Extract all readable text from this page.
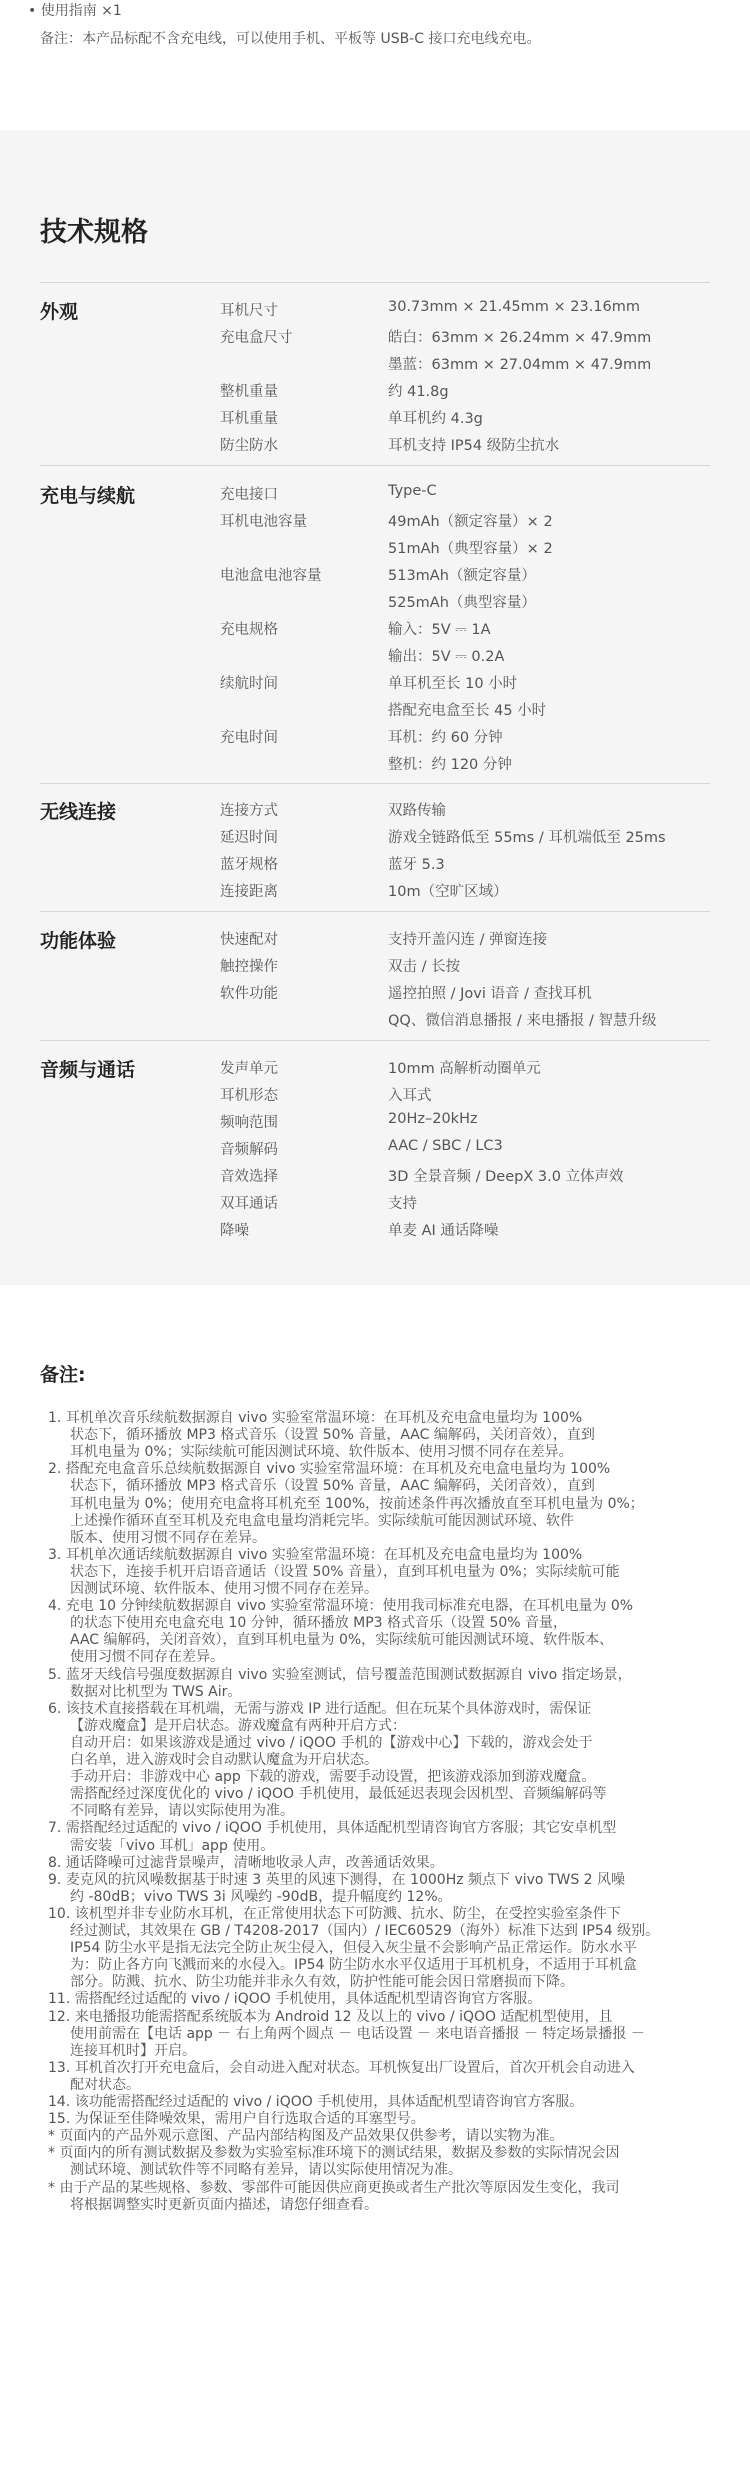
• 使用指南 ×1
备注：本产品标配不含充电线，可以使用手机、平板等 USB-C 接口充电线充电。
技术规格
外观	耳机尺寸	30.73mm × 21.45mm × 23.16mm
充电盒尺寸	皓白：63mm × 26.24mm × 47.9mm
墨蓝：63mm × 27.04mm × 47.9mm
整机重量	约 41.8g
耳机重量	单耳机约 4.3g
防尘防水	耳机支持 IP54 级防尘抗水
充电与续航	充电接口	Type-C
耳机电池容量	49mAh（额定容量）× 2
51mAh（典型容量）× 2
电池盒电池容量	513mAh（额定容量）
525mAh（典型容量）
充电规格	输入：5V ⎓ 1A
输出：5V ⎓ 0.2A
续航时间	单耳机至长 10 小时
搭配充电盒至长 45 小时
充电时间	耳机：约 60 分钟
整机：约 120 分钟
无线连接	连接方式	双路传输
延迟时间	游戏全链路低至 55ms / 耳机端低至 25ms
蓝牙规格	蓝牙 5.3
连接距离	10m（空旷区域）
功能体验	快速配对	支持开盖闪连 / 弹窗连接
触控操作	双击 / 长按
软件功能	遥控拍照 / Jovi 语音 / 查找耳机
QQ、微信消息播报 / 来电播报 / 智慧升级
音频与通话	发声单元	10mm 高解析动圈单元
耳机形态	入耳式
频响范围	20Hz–20kHz
音频解码	AAC / SBC / LC3
音效选择	3D 全景音频 / DeepX 3.0 立体声效
双耳通话	支持
降噪	单麦 AI 通话降噪
备注:
1. 耳机单次音乐续航数据源自 vivo 实验室常温环境：在耳机及充电盒电量均为 100%
状态下，循环播放 MP3 格式音乐（设置 50% 音量，AAC 编解码，关闭音效），直到
耳机电量为 0%；实际续航可能因测试环境、软件版本、使用习惯不同存在差异。
2. 搭配充电盒音乐总续航数据源自 vivo 实验室常温环境：在耳机及充电盒电量均为 100%
状态下，循环播放 MP3 格式音乐（设置 50% 音量，AAC 编解码，关闭音效），直到
耳机电量为 0%；使用充电盒将耳机充至 100%，按前述条件再次播放直至耳机电量为 0%；
上述操作循环直至耳机及充电盒电量均消耗完毕。实际续航可能因测试环境、软件
版本、使用习惯不同存在差异。
3. 耳机单次通话续航数据源自 vivo 实验室常温环境：在耳机及充电盒电量均为 100%
状态下，连接手机开启语音通话（设置 50% 音量），直到耳机电量为 0%；实际续航可能
因测试环境、软件版本、使用习惯不同存在差异。
4. 充电 10 分钟续航数据源自 vivo 实验室常温环境：使用我司标准充电器，在耳机电量为 0%
的状态下使用充电盒充电 10 分钟，循环播放 MP3 格式音乐（设置 50% 音量，
AAC 编解码，关闭音效），直到耳机电量为 0%，实际续航可能因测试环境、软件版本、
使用习惯不同存在差异。
5. 蓝牙天线信号强度数据源自 vivo 实验室测试，信号覆盖范围测试数据源自 vivo 指定场景，
数据对比机型为 TWS Air。
6. 该技术直接搭载在耳机端，无需与游戏 IP 进行适配。但在玩某个具体游戏时，需保证
【游戏魔盒】是开启状态。游戏魔盒有两种开启方式：
自动开启：如果该游戏是通过 vivo / iQOO 手机的【游戏中心】下载的，游戏会处于
白名单，进入游戏时会自动默认魔盒为开启状态。
手动开启：非游戏中心 app 下载的游戏，需要手动设置，把该游戏添加到游戏魔盒。
需搭配经过深度优化的 vivo / iQOO 手机使用，最低延迟表现会因机型、音频编解码等
不同略有差异，请以实际使用为准。
7. 需搭配经过适配的 vivo / iQOO 手机使用，具体适配机型请咨询官方客服；其它安卓机型
需安装「vivo 耳机」app 使用。
8. 通话降噪可过滤背景噪声，清晰地收录人声，改善通话效果。
9. 麦克风的抗风噪数据基于时速 3 英里的风速下测得，在 1000Hz 频点下 vivo TWS 2 风噪
约 -80dB；vivo TWS 3i 风噪约 -90dB，提升幅度约 12%。
10. 该机型并非专业防水耳机，在正常使用状态下可防溅、抗水、防尘，在受控实验室条件下
经过测试，其效果在 GB / T4208-2017（国内）/ IEC60529（海外）标准下达到 IP54 级别。
IP54 防尘水平是指无法完全防止灰尘侵入，但侵入灰尘量不会影响产品正常运作。防水水平
为：防止各方向飞溅而来的水侵入。IP54 防尘防水水平仅适用于耳机机身，不适用于耳机盒
部分。防溅、抗水、防尘功能并非永久有效，防护性能可能会因日常磨损而下降。
11. 需搭配经过适配的 vivo / iQOO 手机使用，具体适配机型请咨询官方客服。
12. 来电播报功能需搭配系统版本为 Android 12 及以上的 vivo / iQOO 适配机型使用，且
使用前需在【电话 app － 右上角两个圆点 － 电话设置 － 来电语音播报 － 特定场景播报 －
连接耳机时】开启。
13. 耳机首次打开充电盒后，会自动进入配对状态。耳机恢复出厂设置后，首次开机会自动进入
配对状态。
14. 该功能需搭配经过适配的 vivo / iQOO 手机使用，具体适配机型请咨询官方客服。
15. 为保证至佳降噪效果，需用户自行选取合适的耳塞型号。
* 页面内的产品外观示意图、产品内部结构图及产品效果仅供参考，请以实物为准。
* 页面内的所有测试数据及参数为实验室标准环境下的测试结果，数据及参数的实际情况会因
测试环境、测试软件等不同略有差异，请以实际使用情况为准。
* 由于产品的某些规格、参数、零部件可能因供应商更换或者生产批次等原因发生变化，我司
将根据调整实时更新页面内描述，请您仔细查看。
